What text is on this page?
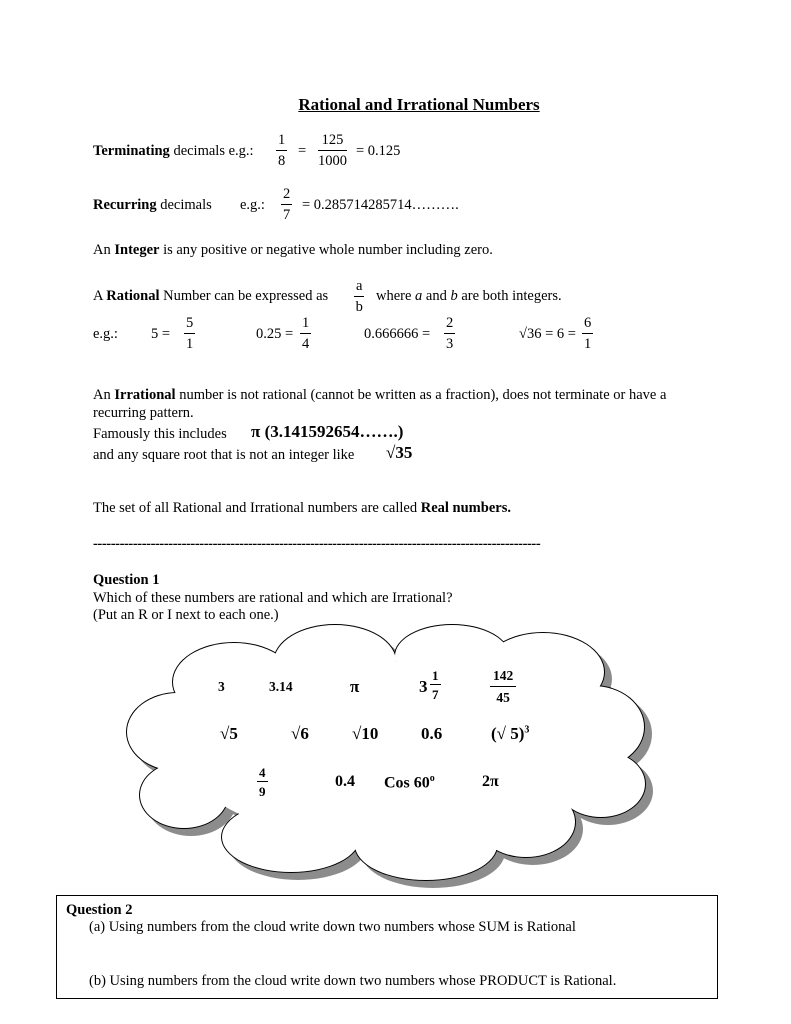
Rational and Irrational Numbers
Terminating decimals e.g.: $\frac{1}{8} = \frac{125}{1000} = 0.125$
Recurring decimals e.g.: $\frac{2}{7}$ = 0.285714285714……….
An Integer is any positive or negative whole number including zero.
A Rational Number can be expressed as $\frac{a}{b}$ where a and b are both integers.
e.g.: $5 = \frac{5}{1}$	$0.25 = \frac{1}{4}$	$0.666666 = \frac{2}{3}$	$√36 = 6 = \frac{6}{1}$
An Irrational number is not rational (cannot be written as a fraction), does not terminate or have a
recurring pattern.
Famously this includes π (3.141592654…….)
and any square root that is not an integer like √35
The set of all Rational and Irrational numbers are called Real numbers.
-----------------------------------------------------------------------------------------------------
Question 1
Which of these numbers are rational and which are Irrational?
(Put an R or I next to each one.)
3	3.14	π	$3 \frac{1}{7}$	$\frac{142}{45}$
√5	√6	√10	0.6	(√ 5)$^3$
$\frac{4}{9}$	0.4 Cos 60$^o$	2π
Question 2
(a) Using numbers from the cloud write down two numbers whose SUM is Rational
(b) Using numbers from the cloud write down two numbers whose PRODUCT is Rational.
